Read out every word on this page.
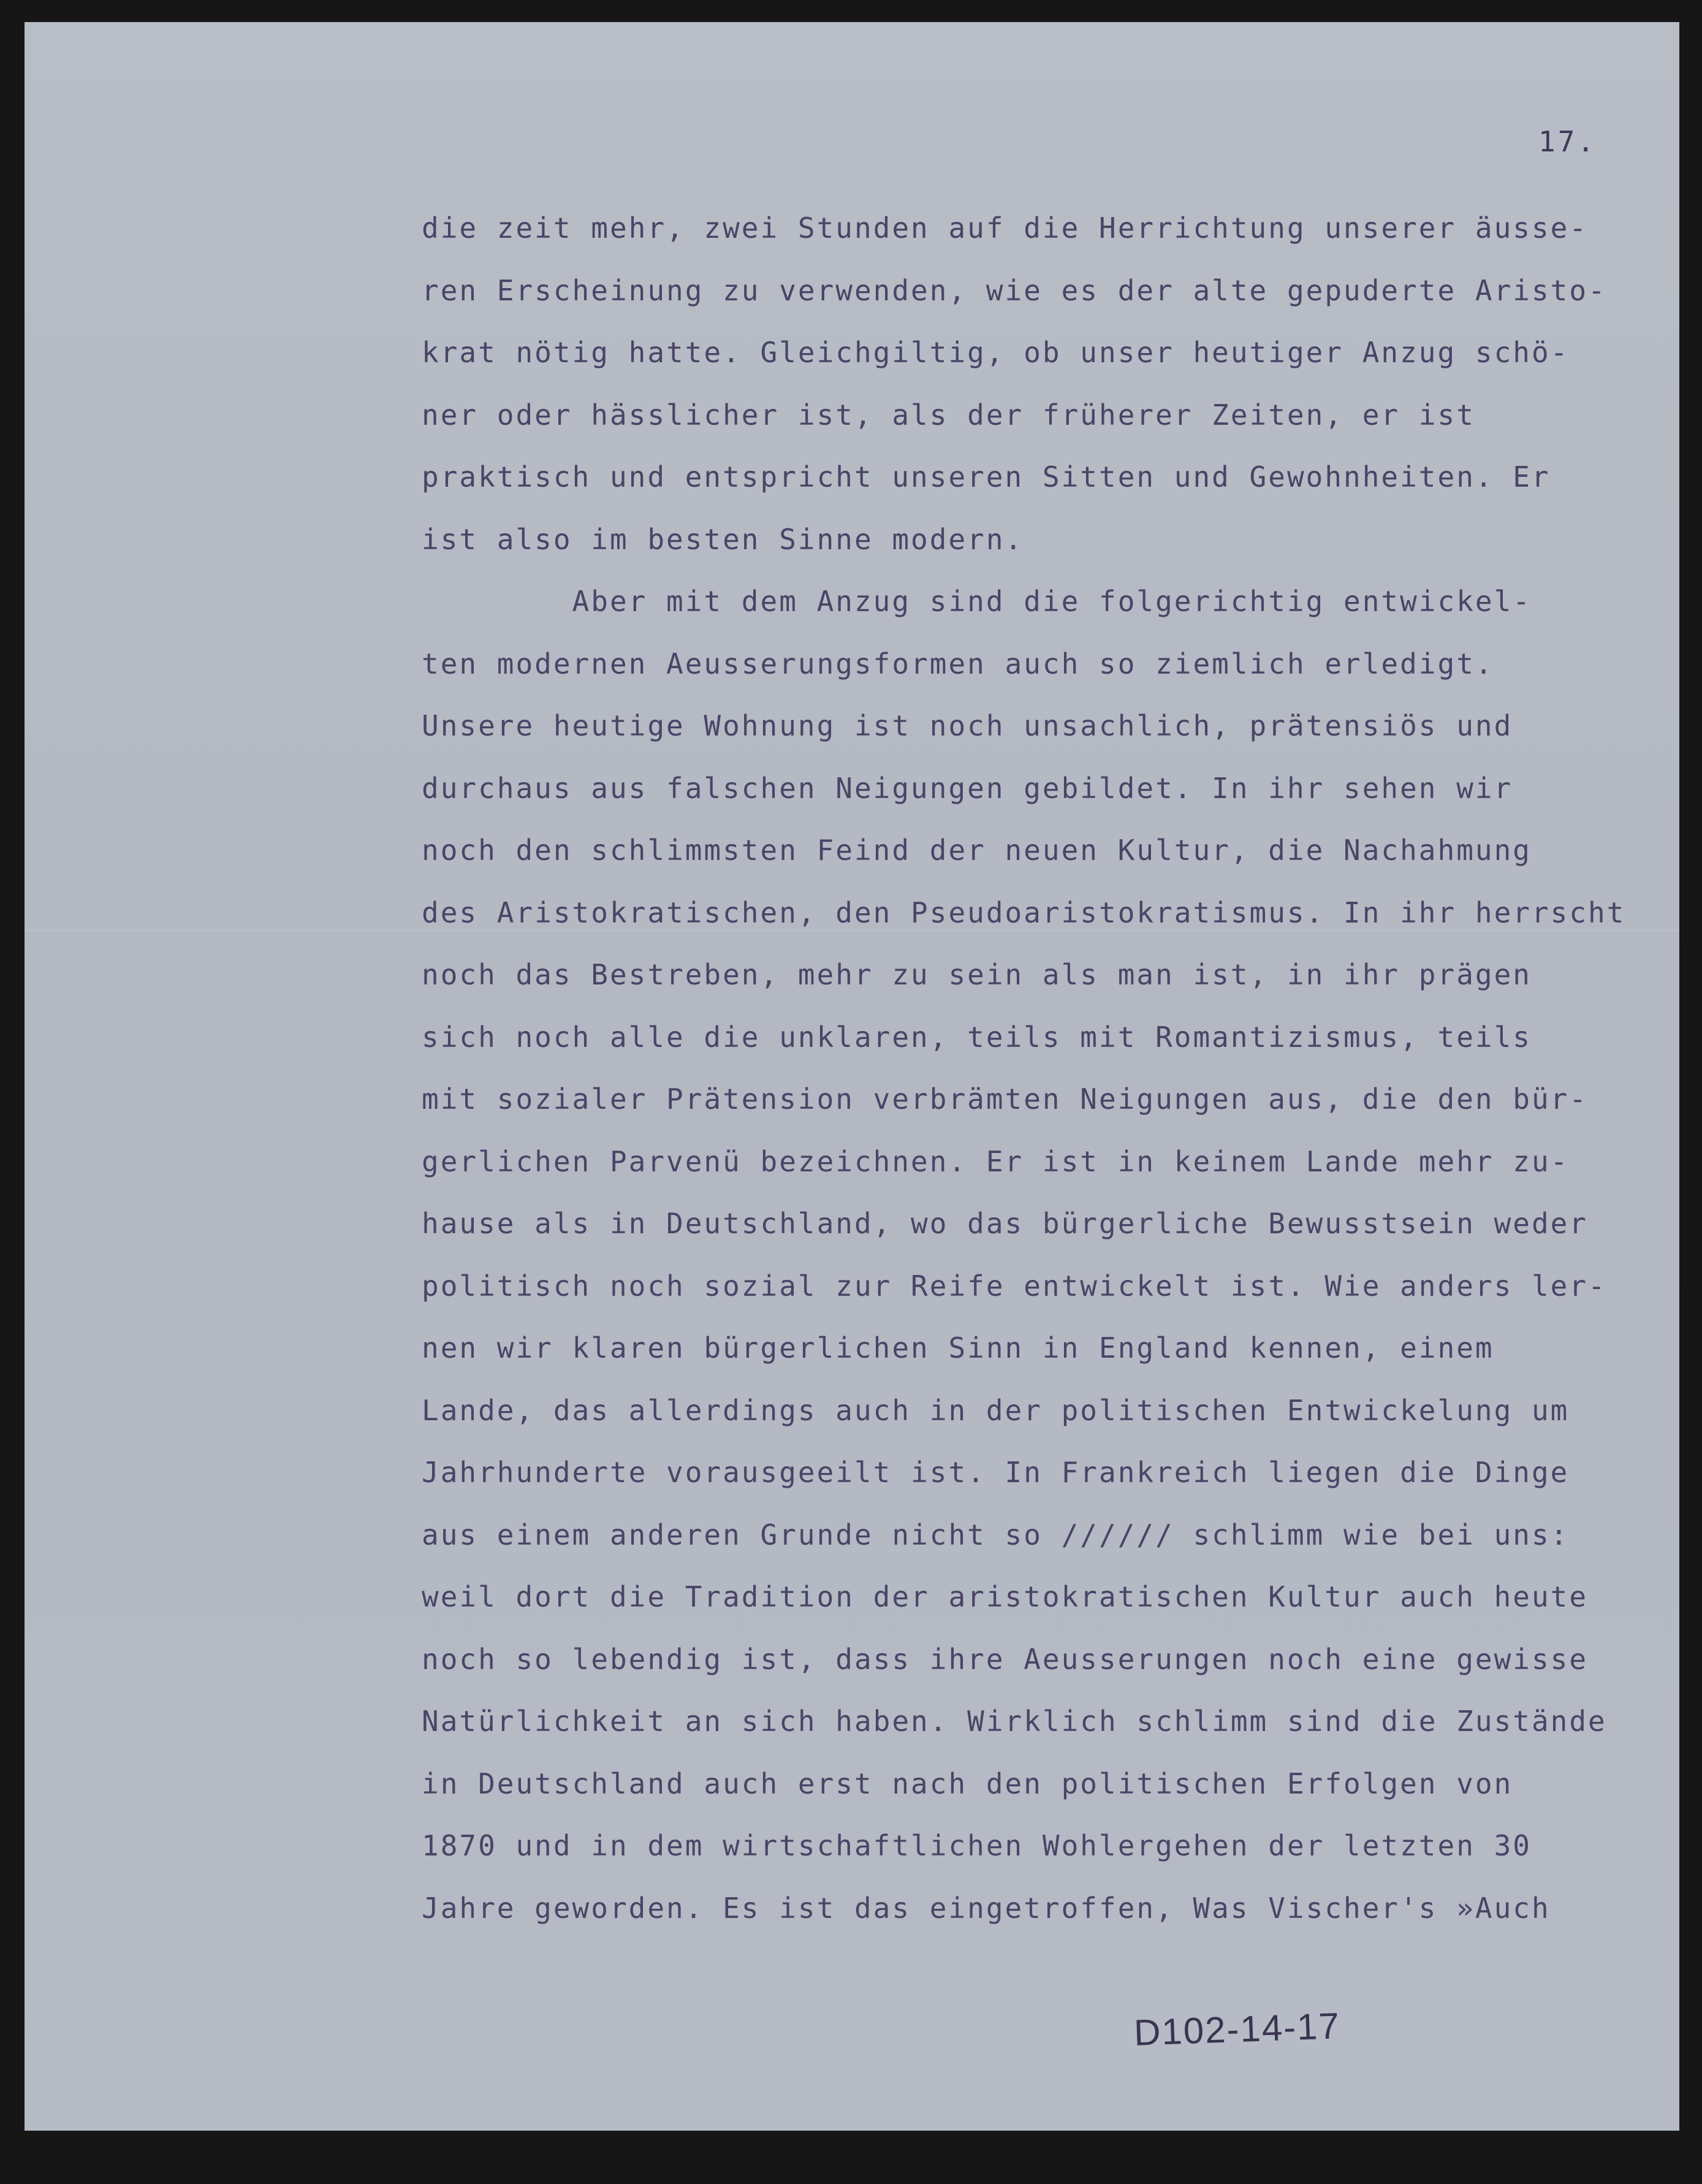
17.
die zeit mehr, zwei Stunden auf die Herrichtung unserer äusse-
ren Erscheinung zu verwenden, wie es der alte gepuderte Aristo-
krat nötig hatte. Gleichgiltig, ob unser heutiger Anzug schö-
ner oder hässlicher ist, als der früherer Zeiten, er ist
praktisch und entspricht unseren Sitten und Gewohnheiten. Er
ist also im besten Sinne modern.
Aber mit dem Anzug sind die folgerichtig entwickel-
ten modernen Aeusserungsformen auch so ziemlich erledigt.
Unsere heutige Wohnung ist noch unsachlich, prätensiös und
durchaus aus falschen Neigungen gebildet. In ihr sehen wir
noch den schlimmsten Feind der neuen Kultur, die Nachahmung
des Aristokratischen, den Pseudoaristokratismus. In ihr herrscht
noch das Bestreben, mehr zu sein als man ist, in ihr prägen
sich noch alle die unklaren, teils mit Romantizismus, teils
mit sozialer Prätension verbrämten Neigungen aus, die den bür-
gerlichen Parvenü bezeichnen. Er ist in keinem Lande mehr zu-
hause als in Deutschland, wo das bürgerliche Bewusstsein weder
politisch noch sozial zur Reife entwickelt ist. Wie anders ler-
nen wir klaren bürgerlichen Sinn in England kennen, einem
Lande, das allerdings auch in der politischen Entwickelung um
Jahrhunderte vorausgeeilt ist. In Frankreich liegen die Dinge
aus einem anderen Grunde nicht so ////// schlimm wie bei uns:
weil dort die Tradition der aristokratischen Kultur auch heute
noch so lebendig ist, dass ihre Aeusserungen noch eine gewisse
Natürlichkeit an sich haben. Wirklich schlimm sind die Zustände
in Deutschland auch erst nach den politischen Erfolgen von
1870 und in dem wirtschaftlichen Wohlergehen der letzten 30
Jahre geworden. Es ist das eingetroffen, Was Vischer's »Auch
D102-14-17
